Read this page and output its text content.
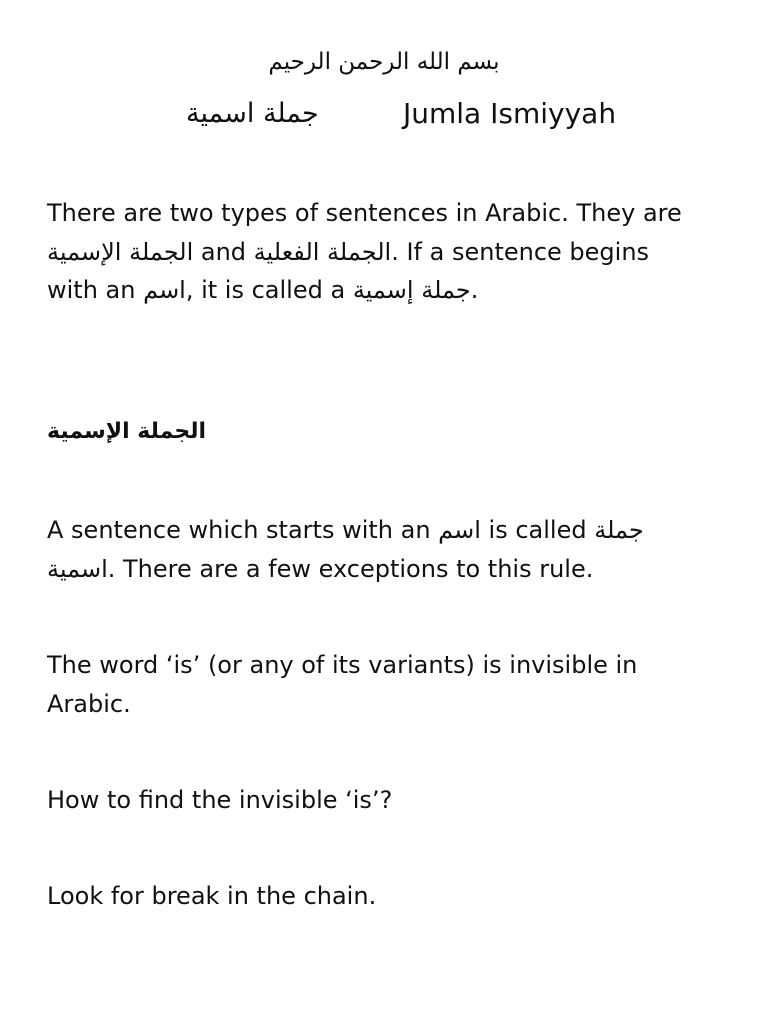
بسم الله الرحمن الرحيم
جملة اسمية	Jumla Ismiyyah
There are two types of sentences in Arabic. They are
الجملة الإسمية and الجملة الفعلية. If a sentence begins
with an اسم, it is called a جملة إسمية.
الجملة الإسمية
A sentence which starts with an اسم is called جملة
اسمية. There are a few exceptions to this rule.
The word ‘is’ (or any of its variants) is invisible in
Arabic.
How to find the invisible ‘is’?
Look for break in the chain.
